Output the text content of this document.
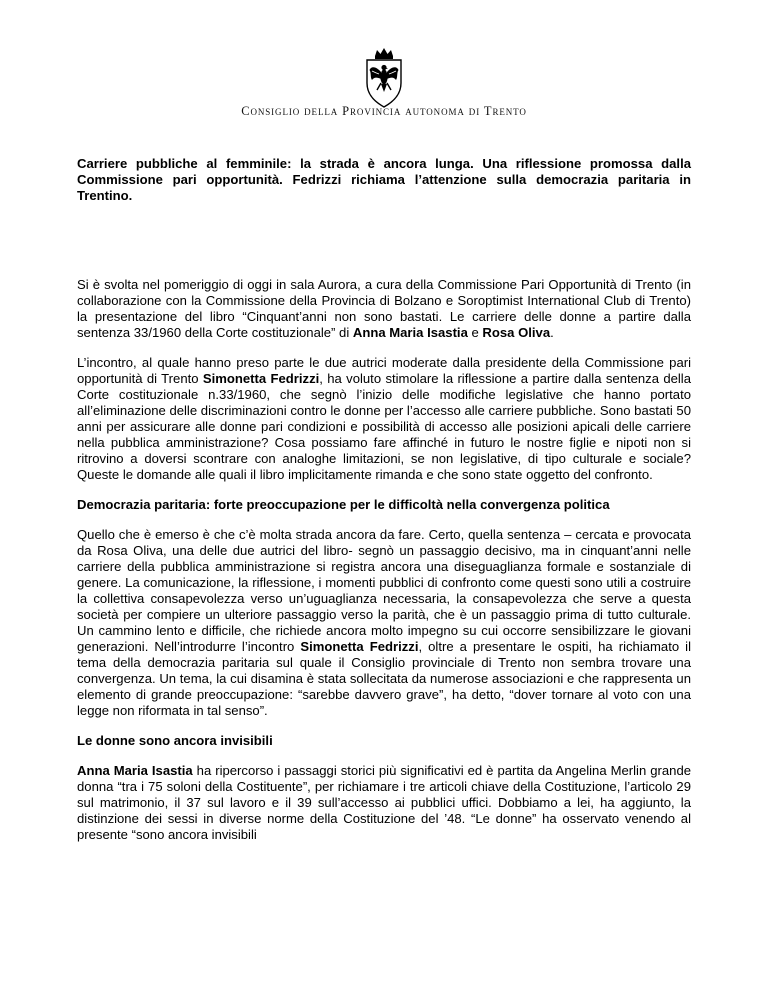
Consiglio della Provincia autonoma di Trento

Carriere pubbliche al femminile: la strada è ancora lunga. Una riflessione promossa dalla Commissione pari opportunità. Fedrizzi richiama l’attenzione sulla democrazia paritaria in Trentino.

Si è svolta nel pomeriggio di oggi in sala Aurora, a cura della Commissione Pari Opportunità di Trento (in collaborazione con la Commissione della Provincia di Bolzano e Soroptimist International Club di Trento) la presentazione del libro “Cinquant’anni non sono bastati. Le carriere delle donne a partire dalla sentenza 33/1960 della Corte costituzionale” di Anna Maria Isastia e Rosa Oliva.

L’incontro, al quale hanno preso parte le due autrici moderate dalla presidente della Commissione pari opportunità di Trento Simonetta Fedrizzi, ha voluto stimolare la riflessione a partire dalla sentenza della Corte costituzionale n.33/1960, che segnò l’inizio delle modifiche legislative che hanno portato all’eliminazione delle discriminazioni contro le donne per l’accesso alle carriere pubbliche. Sono bastati 50 anni per assicurare alle donne pari condizioni e possibilità di accesso alle posizioni apicali delle carriere nella pubblica amministrazione? Cosa possiamo fare affinché in futuro le nostre figlie e nipoti non si ritrovino a doversi scontrare con analoghe limitazioni, se non legislative, di tipo culturale e sociale? Queste le domande alle quali il libro implicitamente rimanda e che sono state oggetto del confronto.

Democrazia paritaria: forte preoccupazione per le difficoltà nella convergenza politica

Quello che è emerso è che c’è molta strada ancora da fare. Certo, quella sentenza – cercata e provocata da Rosa Oliva, una delle due autrici del libro- segnò un passaggio decisivo, ma in cinquant’anni nelle carriere della pubblica amministrazione si registra ancora una diseguaglianza formale e sostanziale di genere. La comunicazione, la riflessione, i momenti pubblici di confronto come questi sono utili a costruire la collettiva consapevolezza verso un’uguaglianza necessaria, la consapevolezza che serve a questa società per compiere un ulteriore passaggio verso la parità, che è un passaggio prima di tutto culturale. Un cammino lento e difficile, che richiede ancora molto impegno su cui occorre sensibilizzare le giovani generazioni. Nell’introdurre l’incontro Simonetta Fedrizzi, oltre a presentare le ospiti, ha richiamato il tema della democrazia paritaria sul quale il Consiglio provinciale di Trento non sembra trovare una convergenza. Un tema, la cui disamina è stata sollecitata da numerose associazioni e che rappresenta un elemento di grande preoccupazione: “sarebbe davvero grave”, ha detto, “dover tornare al voto con una legge non riformata in tal senso”.

Le donne sono ancora invisibili

Anna Maria Isastia ha ripercorso i passaggi storici più significativi ed è partita da Angelina Merlin grande donna “tra i 75 soloni della Costituente”, per richiamare i tre articoli chiave della Costituzione, l’articolo 29 sul matrimonio, il 37 sul lavoro e il 39 sull’accesso ai pubblici uffici. Dobbiamo a lei, ha aggiunto, la distinzione dei sessi in diverse norme della Costituzione del ’48. “Le donne” ha osservato venendo al presente “sono ancora invisibili
